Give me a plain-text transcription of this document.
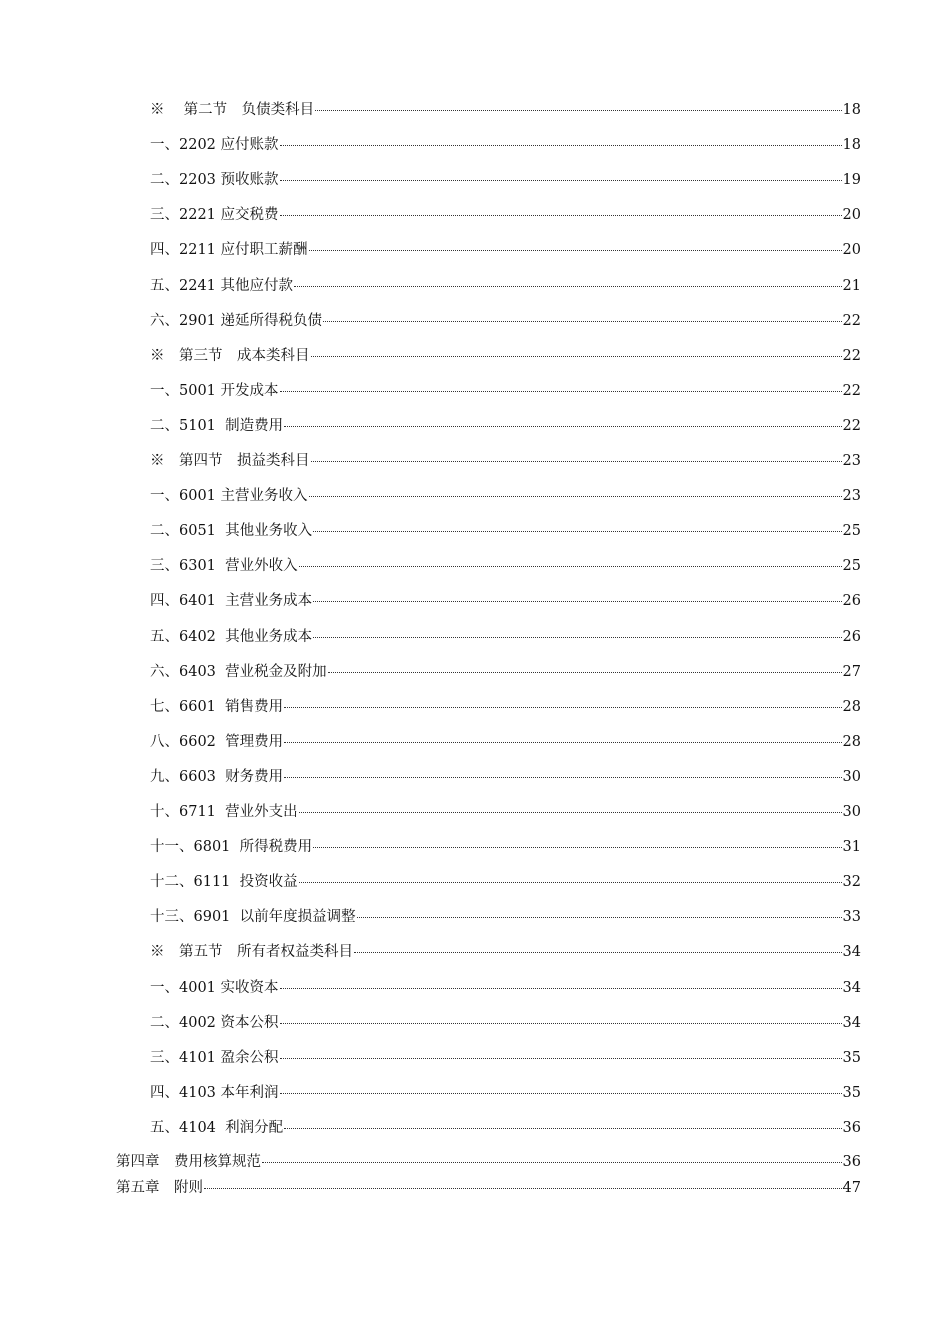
※　 第二节　负债类科目	18
一、2202 应付账款	18
二、2203 预收账款	19
三、2221 应交税费	20
四、2211 应付职工薪酬	20
五、2241 其他应付款	21
六、2901 递延所得税负债	22
※　第三节　成本类科目	22
一、5001 开发成本	22
二、5101  制造费用	22
※　第四节　损益类科目	23
一、6001 主营业务收入	23
二、6051  其他业务收入	25
三、6301  营业外收入	25
四、6401  主营业务成本	26
五、6402  其他业务成本	26
六、6403  营业税金及附加	27
七、6601  销售费用	28
八、6602  管理费用	28
九、6603  财务费用	30
十、6711  营业外支出	30
十一、6801  所得税费用	31
十二、6111  投资收益	32
十三、6901  以前年度损益调整	33
※　第五节　所有者权益类科目	34
一、4001 实收资本	34
二、4002 资本公积	34
三、4101 盈余公积	35
四、4103 本年利润	35
五、4104  利润分配	36
第四章　费用核算规范	36
第五章　附则	47
